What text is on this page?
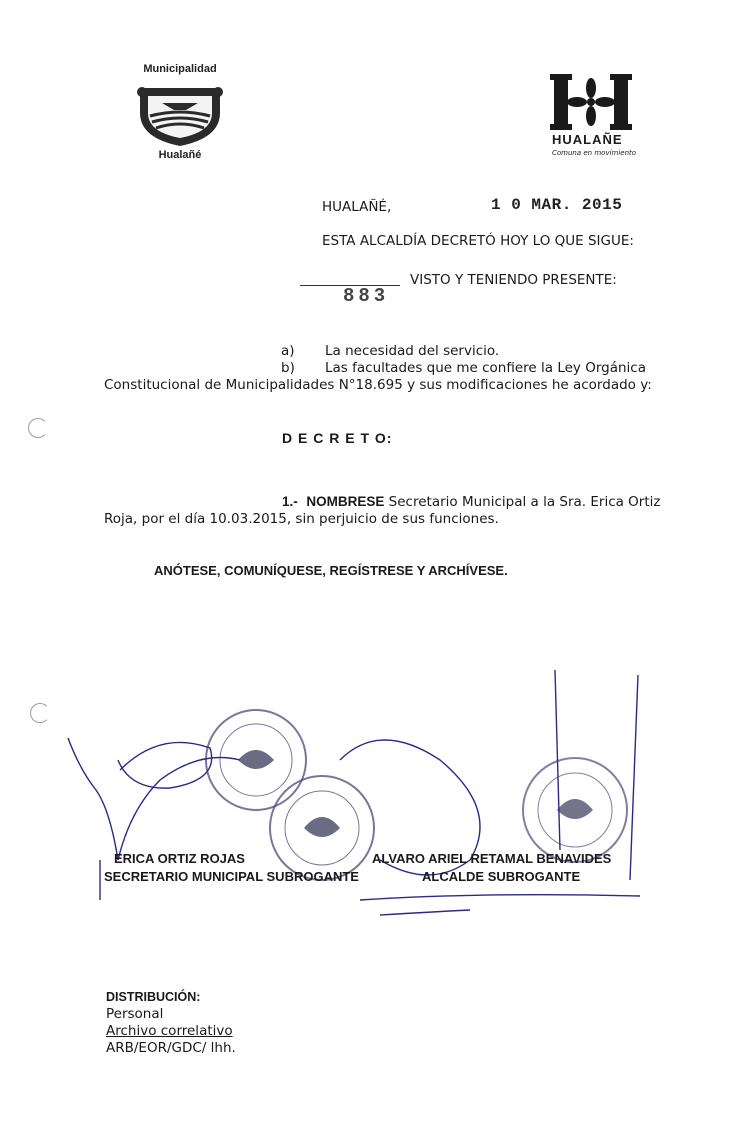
Municipalidad
Hualañé
HUALAÑE
Comuna en movimiento
HUALAÑÉ,	1 0 MAR. 2015
ESTA ALCALDÍA DECRETÓ HOY LO QUE SIGUE:
883
VISTO Y TENIENDO PRESENTE:
a) La necesidad del servicio.
b) Las facultades que me confiere la Ley Orgánica
Constitucional de Municipalidades N°18.695 y sus modificaciones he acordado y:
D E C R E T O:
1.- NOMBRESE Secretario Municipal a la Sra. Erica Ortiz
Roja, por el día 10.03.2015, sin perjuicio de sus funciones.
ANÓTESE, COMUNÍQUESE, REGÍSTRESE Y ARCHÍVESE.
ERICA ORTIZ ROJAS
SECRETARIO MUNICIPAL SUBROGANTE
ALVARO ARIEL RETAMAL BENAVIDES
ALCALDE SUBROGANTE
DISTRIBUCIÓN:
Personal
Archivo correlativo
ARB/EOR/GDC/ lhh.
